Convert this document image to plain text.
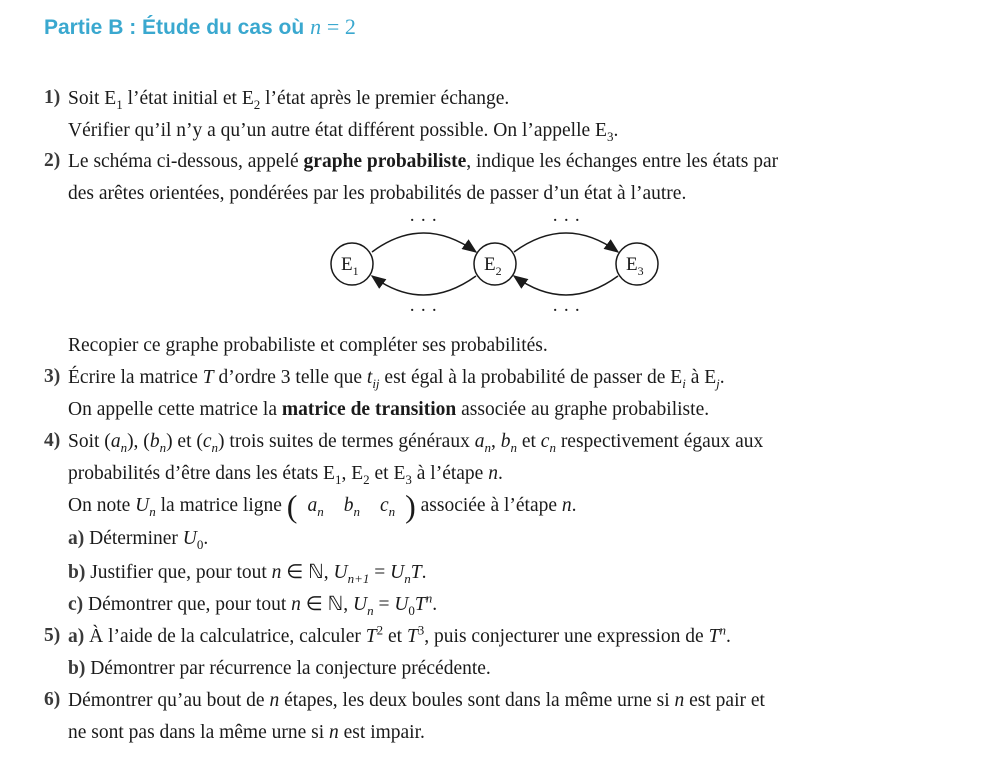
Partie B : Étude du cas où n = 2
1) Soit $E_1$ l’état initial et $E_2$ l’état après le premier échange.
Vérifier qu’il n’y a qu’un autre état différent possible. On l’appelle $E_3$.
2) Le schéma ci-dessous, appelé graphe probabiliste, indique les échanges entre les états par
des arêtes orientées, pondérées par les probabilités de passer d’un état à l’autre.
$E_1$	$E_2$	$E_3$
· · ·
· · ·
· · ·
· · ·
Recopier ce graphe probabiliste et compléter ses probabilités.
3) Écrire la matrice T d’ordre 3 telle que $t_{ij}$ est égal à la probabilité de passer de $E_i$ à $E_j$.
On appelle cette matrice la matrice de transition associée au graphe probabiliste.
4) Soit $(a_n)$, $(b_n)$ et $(c_n)$ trois suites de termes généraux $a_n$, $b_n$ et $c_n$ respectivement égaux aux
probabilités d’être dans les états $E_1$, $E_2$ et $E_3$ à l’étape n.
On note $U_n$ la matrice ligne ( $a_n$ $b_n$ $c_n$ ) associée à l’étape n.
a) Déterminer $U_0$.
b) Justifier que, pour tout n ∈ ℕ, $U_{n+1} = U_nT$.
c) Démontrer que, pour tout n ∈ ℕ, $U_n = U_0T^n$.
5) a) À l’aide de la calculatrice, calculer $T^2$ et $T^3$, puis conjecturer une expression de $T^n$.
b) Démontrer par récurrence la conjecture précédente.
6) Démontrer qu’au bout de n étapes, les deux boules sont dans la même urne si n est pair et
ne sont pas dans la même urne si n est impair.
